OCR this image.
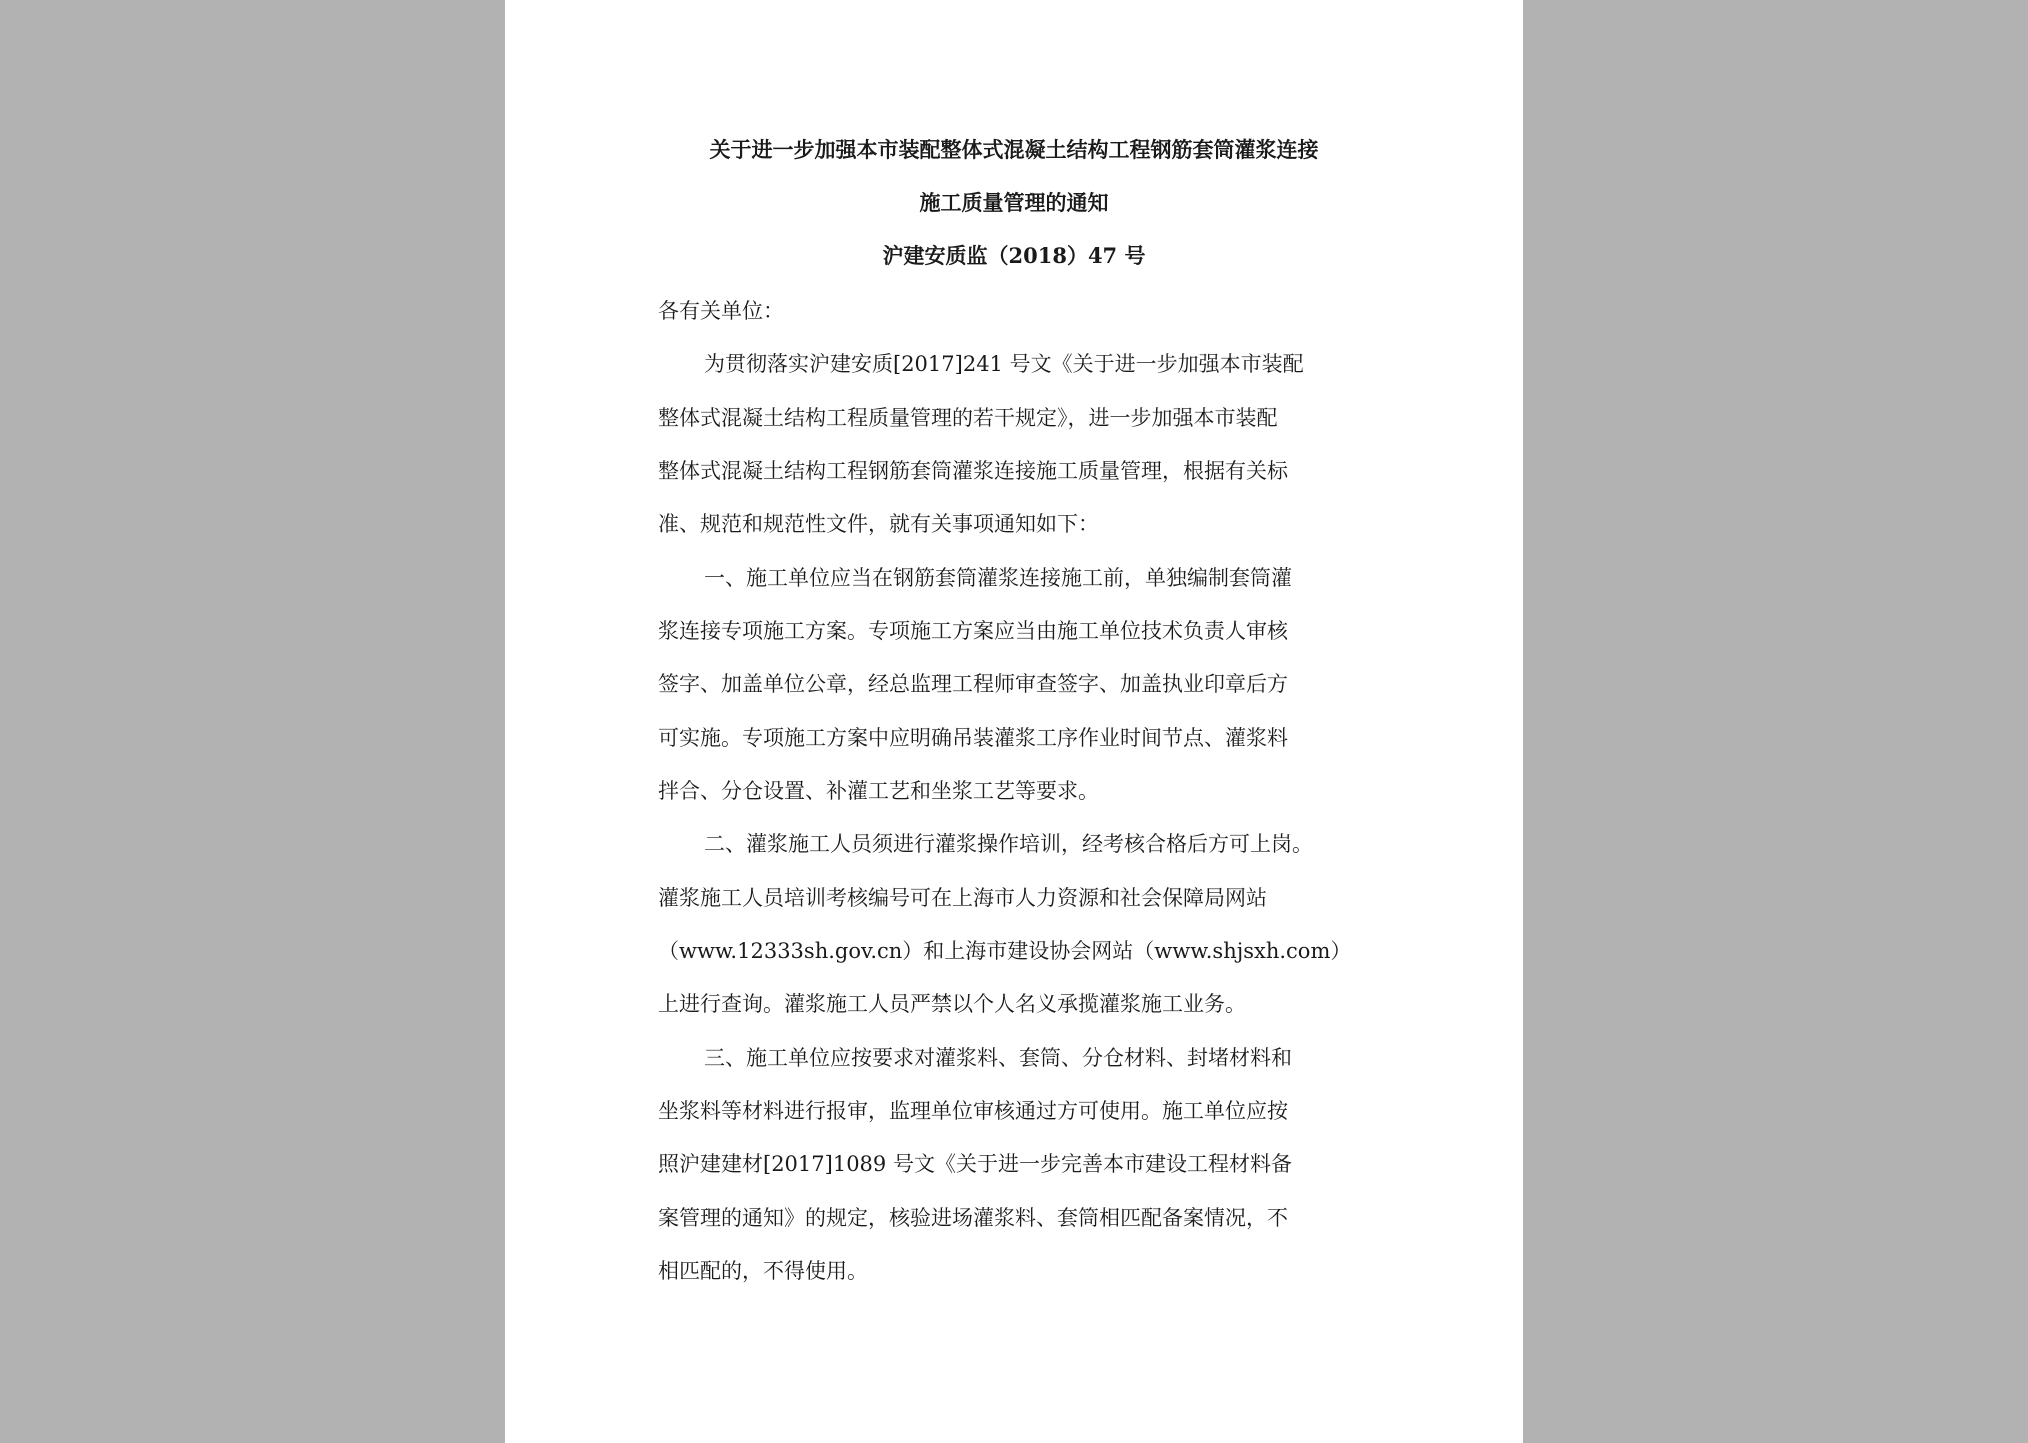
关于进一步加强本市装配整体式混凝土结构工程钢筋套筒灌浆连接
施工质量管理的通知
沪建安质监（2018）47 号
各有关单位：
为贯彻落实沪建安质[2017]241 号文《关于进一步加强本市装配
整体式混凝土结构工程质量管理的若干规定》，进一步加强本市装配
整体式混凝土结构工程钢筋套筒灌浆连接施工质量管理，根据有关标
准、规范和规范性文件，就有关事项通知如下：
一、施工单位应当在钢筋套筒灌浆连接施工前，单独编制套筒灌
浆连接专项施工方案。专项施工方案应当由施工单位技术负责人审核
签字、加盖单位公章，经总监理工程师审查签字、加盖执业印章后方
可实施。专项施工方案中应明确吊装灌浆工序作业时间节点、灌浆料
拌合、分仓设置、补灌工艺和坐浆工艺等要求。
二、灌浆施工人员须进行灌浆操作培训，经考核合格后方可上岗。
灌浆施工人员培训考核编号可在上海市人力资源和社会保障局网站
（www.12333sh.gov.cn）和上海市建设协会网站（www.shjsxh.com）
上进行查询。灌浆施工人员严禁以个人名义承揽灌浆施工业务。
三、施工单位应按要求对灌浆料、套筒、分仓材料、封堵材料和
坐浆料等材料进行报审，监理单位审核通过方可使用。施工单位应按
照沪建建材[2017]1089 号文《关于进一步完善本市建设工程材料备
案管理的通知》的规定，核验进场灌浆料、套筒相匹配备案情况，不
相匹配的，不得使用。
